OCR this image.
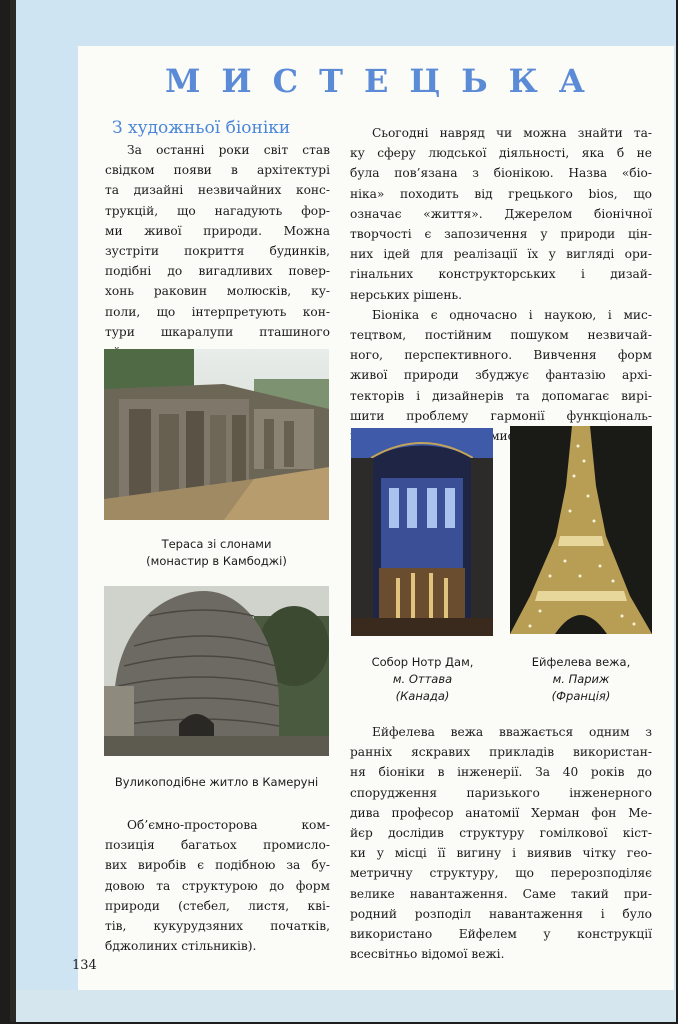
МИСТЕЦЬКА
З художньої біоніки
За останні роки світ став
свідком появи в архітектурі
та дизайні незвичайних конс-
трукцій, що нагадують фор-
ми живої природи. Можна
зустріти покриття будинків,
подібні до вигадливих повер-
хонь раковин молюсків, ку-
поли, що інтерпретують кон-
тури шкаралупи пташиного
Сьогодні навряд чи можна знайти та-
ку сферу людської діяльності, яка б не
була пов’язана з біонікою. Назва «біо-
ніка» походить від грецького bios, що
означає «життя». Джерелом біонічної
творчості є запозичення у природи цін-
них ідей для реалізації їх у вигляді ори-
гінальних конструкторських і дизай-
нерських рішень.
Біоніка є одночасно і наукою, і мис-
тецтвом, постійним пошуком незвичай-
ного, перспективного. Вивчення форм
живої природи збуджує фантазію архі-
текторів і дизайнерів та допомагає вирі-
шити проблему гармонії функціональ-
Тераса зі слонами
(монастир в Камбоджі)
Вуликоподібне житло в Камеруні
Собор Нотр Дам,
м. Оттава
(Канада)
Ейфелева вежа,
м. Париж
(Франція)
Об’ємно-просторова ком-
позиція багатьох промисло-
вих виробів є подібною за бу-
довою та структурою до форм
природи (стебел, листя, кві-
тів, кукурудзяних початків,
бджолиних стільників).
Ейфелева вежа вважається одним з
ранніх яскравих прикладів використан-
ня біоніки в інженерії. За 40 років до
спорудження паризького інженерного
дива професор анатомії Херман фон Ме-
йєр дослідив структуру гомілкової кіст-
ки у місці її вигину і виявив чітку гео-
метричну структуру, що перерозподіляє
велике навантаження. Саме такий при-
родний розподіл навантаження і було
використано Ейфелем у конструкції
всесвітньо відомої вежі.
134
